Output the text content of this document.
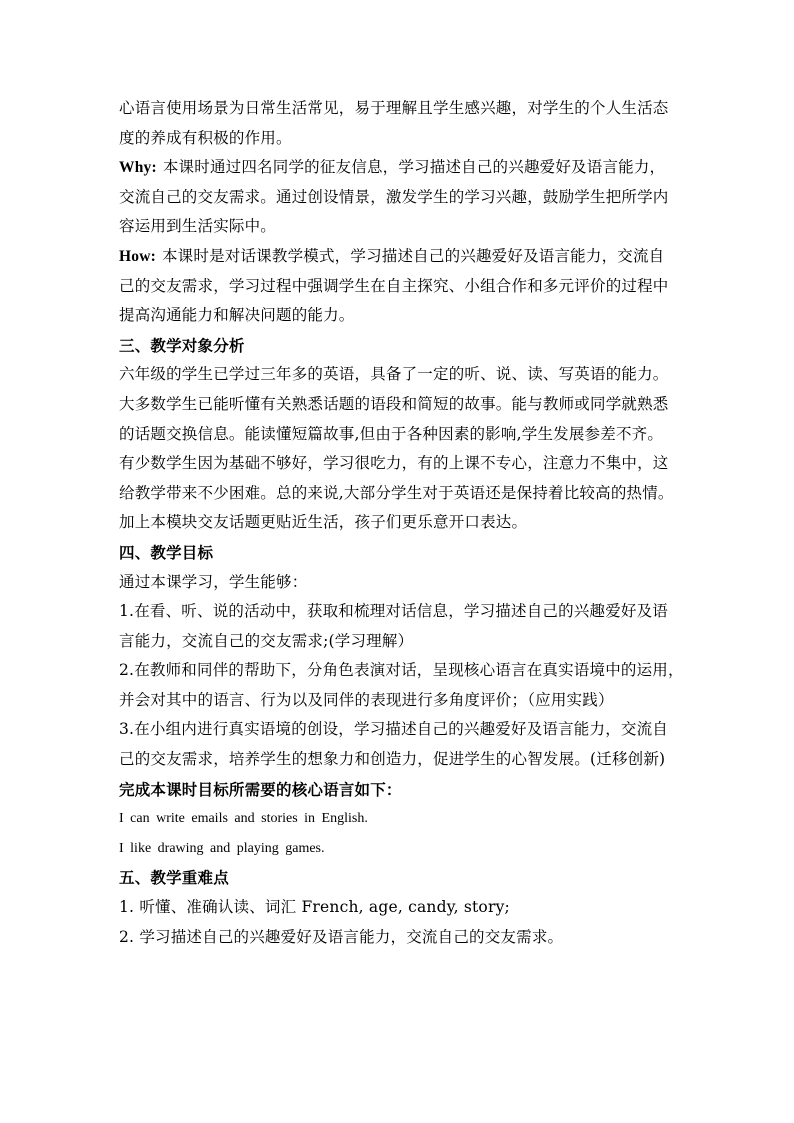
心语言使用场景为日常生活常见，易于理解且学生感兴趣，对学生的个人生活态
度的养成有积极的作用。
Why: 本课时通过四名同学的征友信息，学习描述自己的兴趣爱好及语言能力，
交流自己的交友需求。通过创设情景，激发学生的学习兴趣，鼓励学生把所学内
容运用到生活实际中。
How: 本课时是对话课教学模式，学习描述自己的兴趣爱好及语言能力，交流自
己的交友需求，学习过程中强调学生在自主探究、小组合作和多元评价的过程中
提高沟通能力和解决问题的能力。
三、教学对象分析
六年级的学生已学过三年多的英语，具备了一定的听、说、读、写英语的能力。
大多数学生已能听懂有关熟悉话题的语段和简短的故事。能与教师或同学就熟悉
的话题交换信息。能读懂短篇故事,但由于各种因素的影响,学生发展参差不齐。
有少数学生因为基础不够好，学习很吃力，有的上课不专心，注意力不集中，这
给教学带来不少困难。总的来说,大部分学生对于英语还是保持着比较高的热情。
加上本模块交友话题更贴近生活，孩子们更乐意开口表达。
四、教学目标
通过本课学习，学生能够：
1.在看、听、说的活动中，获取和梳理对话信息，学习描述自己的兴趣爱好及语
言能力，交流自己的交友需求;(学习理解）
2.在教师和同伴的帮助下，分角色表演对话，呈现核心语言在真实语境中的运用，
并会对其中的语言、行为以及同伴的表现进行多角度评价；（应用实践）
3.在小组内进行真实语境的创设，学习描述自己的兴趣爱好及语言能力，交流自
己的交友需求，培养学生的想象力和创造力，促进学生的心智发展。(迁移创新)
完成本课时目标所需要的核心语言如下：
I can write emails and stories in English.
I like drawing and playing games.
五、教学重难点
1. 听懂、准确认读、词汇 French, age, candy, story;
2. 学习描述自己的兴趣爱好及语言能力，交流自己的交友需求。
